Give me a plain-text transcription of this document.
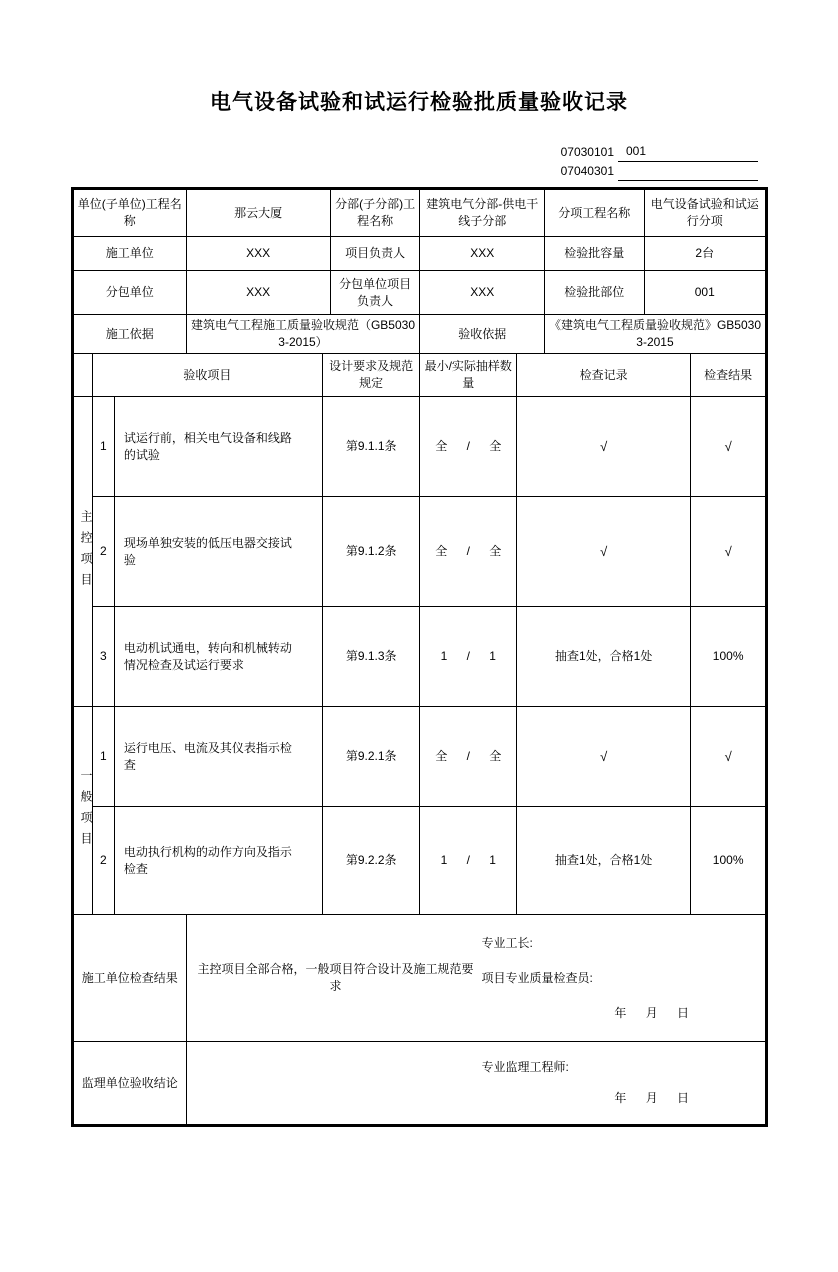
电气设备试验和试运行检验批质量验收记录
07030101 001
07040301
单位(子单位)工程名称	那云大厦	分部(子分部)工程名称	建筑电气分部-供电干线子分部	分项工程名称	电气设备试验和试运行分项
施工单位	XXX	项目负责人	XXX	检验批容量	2台
分包单位	XXX	分包单位项目负责人	XXX	检验批部位	001
施工依据	建筑电气工程施工质量验收规范（GB50303-2015）		验收依据	《建筑电气工程质量验收规范》GB50303-2015	
	验收项目		设计要求及规范规定	最小/实际抽样数量	检查记录	检查结果

主控项目	1	试运行前，相关电气设备和线路的试验	第9.1.1条	全 / 全	√	√
	2	现场单独安装的低压电器交接试验	第9.1.2条	全 / 全	√	√
	3	电动机试通电，转向和机械转动情况检查及试运行要求	第9.1.3条	1 / 1	抽查1处，合格1处	100%

一般项目	1	运行电压、电流及其仪表指示检查	第9.2.1条	全 / 全	√	√
	2	电动执行机构的动作方向及指示检查	第9.2.2条	1 / 1	抽查1处，合格1处	100%
施工单位检查结果	主控项目全部合格，一般项目符合设计及施工规范要求
专业工长:
项目专业质量检查员:
年 月 日

监理单位验收结论	专业监理工程师:
年 月 日
